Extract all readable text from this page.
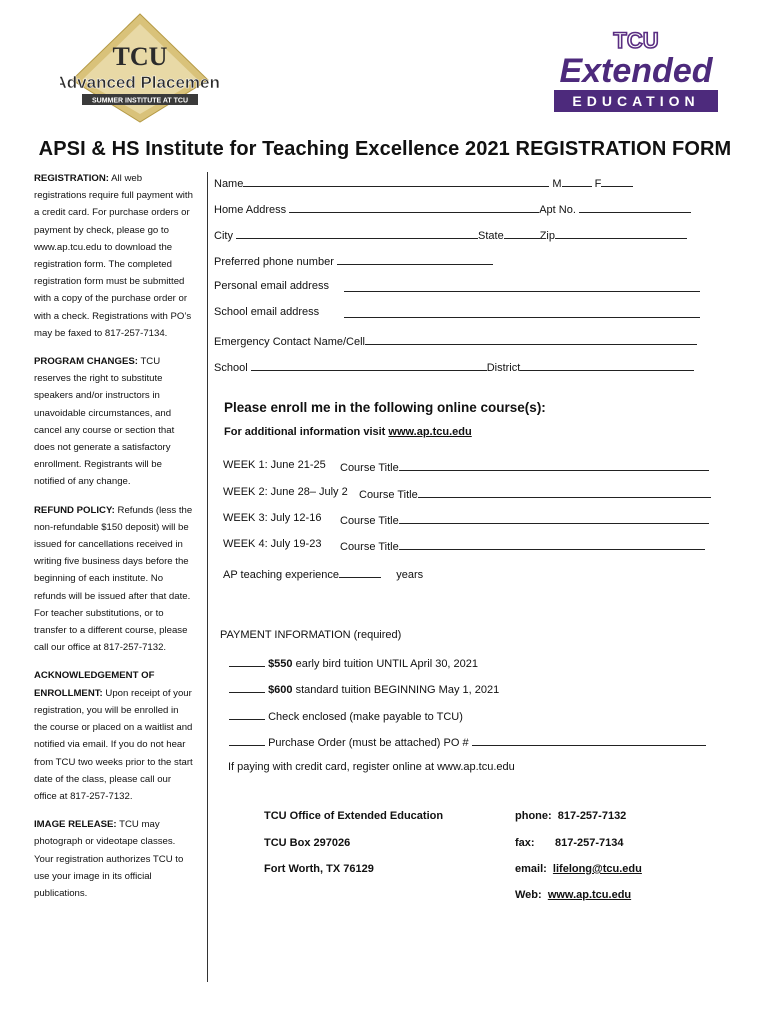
TCU
Advanced Placement
SUMMER INSTITUTE AT TCU
TCU
Extended
EDUCATION
APSI & HS Institute for Teaching Excellence 2021 REGISTRATION FORM

REGISTRATION: All web registrations require full payment with a credit card. For purchase orders or payment by check, please go to www.ap.tcu.edu to download the registration form. The completed registration form must be submitted with a copy of the purchase order or with a check. Registrations with PO’s may be faxed to 817-257-7134.

PROGRAM CHANGES: TCU reserves the right to substitute speakers and/or instructors in unavoidable circumstances, and cancel any course or section that does not generate a satisfactory enrollment. Registrants will be notified of any change.

REFUND POLICY: Refunds (less the non-refundable $150 deposit) will be issued for cancellations received in writing five business days before the beginning of each institute. No refunds will be issued after that date. For teacher substitutions, or to transfer to a different course, please call our office at 817-257-7132.

ACKNOWLEDGEMENT OF ENROLLMENT: Upon receipt of your registration, you will be enrolled in the course or placed on a waitlist and notified via email. If you do not hear from TCU two weeks prior to the start date of the class, please call our office at 817-257-7132.

IMAGE RELEASE: TCU may photograph or videotape classes. Your registration authorizes TCU to use your image in its official publications.

Name	M	F
Home Address	Apt No.
City	State	Zip
Preferred phone number
Personal email address
School email address
Emergency Contact Name/Cell
School	District
Please enroll me in the following online course(s):
For additional information visit www.ap.tcu.edu
WEEK 1: June 21-25 Course Title
WEEK 2: June 28– July 2 Course Title
WEEK 3: July 12-16 Course Title
WEEK 4: July 19-23 Course Title
AP teaching experience	years
PAYMENT INFORMATION (required)
$550 early bird tuition UNTIL April 30, 2021
$600 standard tuition BEGINNING May 1, 2021
Check enclosed (make payable to TCU)
Purchase Order (must be attached) PO #
If paying with credit card, register online at www.ap.tcu.edu
TCU Office of Extended Education
TCU Box 297026
Fort Worth, TX 76129
phone: 817-257-7132
fax: 817-257-7134
email: lifelong@tcu.edu
Web: www.ap.tcu.edu
